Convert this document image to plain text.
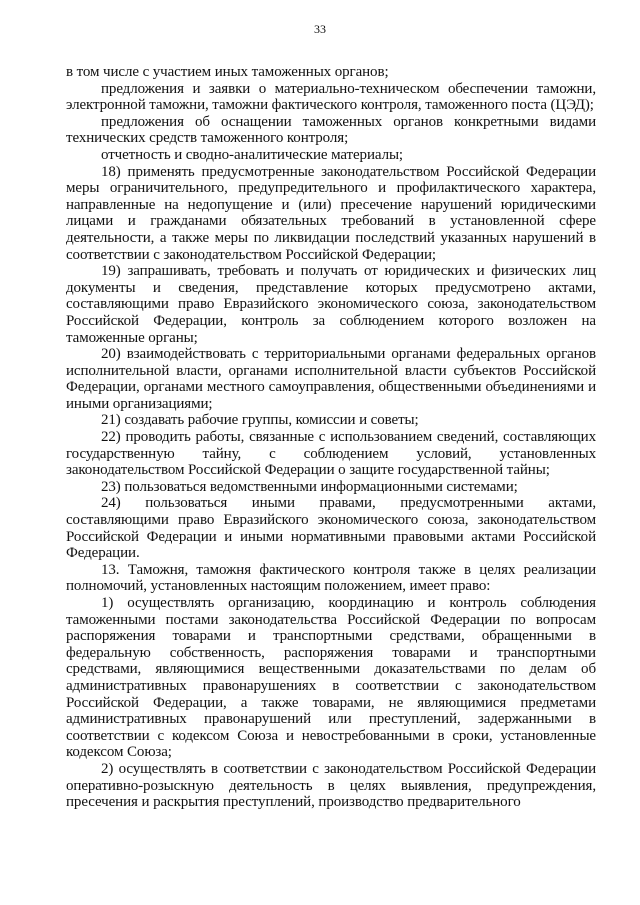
33

в том числе с участием иных таможенных органов;

предложения и заявки о материально-техническом обеспечении таможни, электронной таможни, таможни фактического контроля, таможенного поста (ЦЭД);

предложения об оснащении таможенных органов конкретными видами технических средств таможенного контроля;

отчетность и сводно-аналитические материалы;

18) применять предусмотренные законодательством Российской Федерации меры ограничительного, предупредительного и профилактического характера, направленные на недопущение и (или) пресечение нарушений юридическими лицами и гражданами обязательных требований в установленной сфере деятельности, а также меры по ликвидации последствий указанных нарушений в соответствии с законодательством Российской Федерации;

19) запрашивать, требовать и получать от юридических и физических лиц документы и сведения, представление которых предусмотрено актами, составляющими право Евразийского экономического союза, законодательством Российской Федерации, контроль за соблюдением которого возложен на таможенные органы;

20) взаимодействовать с территориальными органами федеральных органов исполнительной власти, органами исполнительной власти субъектов Российской Федерации, органами местного самоуправления, общественными объединениями и иными организациями;

21) создавать рабочие группы, комиссии и советы;

22) проводить работы, связанные с использованием сведений, составляющих государственную тайну, с соблюдением условий, установленных законодательством Российской Федерации о защите государственной тайны;

23) пользоваться ведомственными информационными системами;

24) пользоваться иными правами, предусмотренными актами, составляющими право Евразийского экономического союза, законодательством Российской Федерации и иными нормативными правовыми актами Российской Федерации.

13. Таможня, таможня фактического контроля также в целях реализации полномочий, установленных настоящим положением, имеет право:

1) осуществлять организацию, координацию и контроль соблюдения таможенными постами законодательства Российской Федерации по вопросам распоряжения товарами и транспортными средствами, обращенными в федеральную собственность, распоряжения товарами и транспортными средствами, являющимися вещественными доказательствами по делам об административных правонарушениях в соответствии с законодательством Российской Федерации, а также товарами, не являющимися предметами административных правонарушений или преступлений, задержанными в соответствии с кодексом Союза и невостребованными в сроки, установленные кодексом Союза;

2) осуществлять в соответствии с законодательством Российской Федерации оперативно-розыскную деятельность в целях выявления, предупреждения, пресечения и раскрытия преступлений, производство предварительного
